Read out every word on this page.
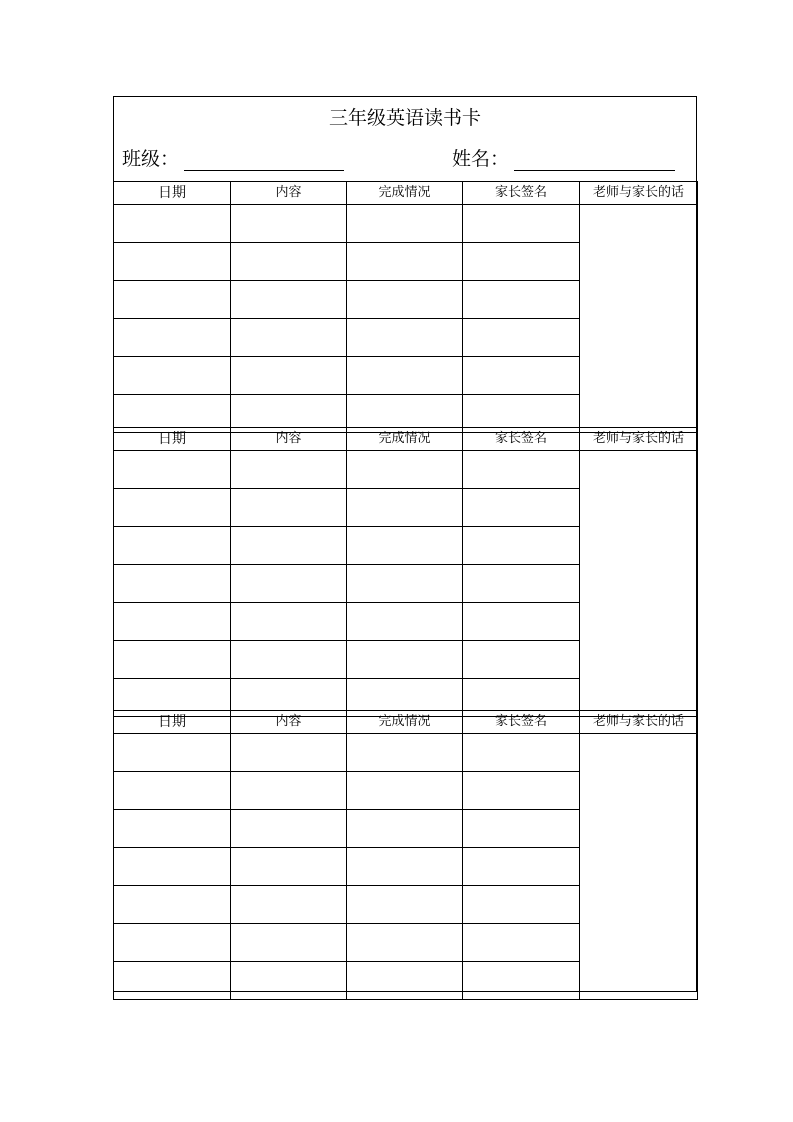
三年级英语读书卡
班级：	姓名：
日期	内容	完成情况	家长签名	老师与家长的话

日期	内容	完成情况	家长签名	老师与家长的话

日期	内容	完成情况	家长签名	老师与家长的话
